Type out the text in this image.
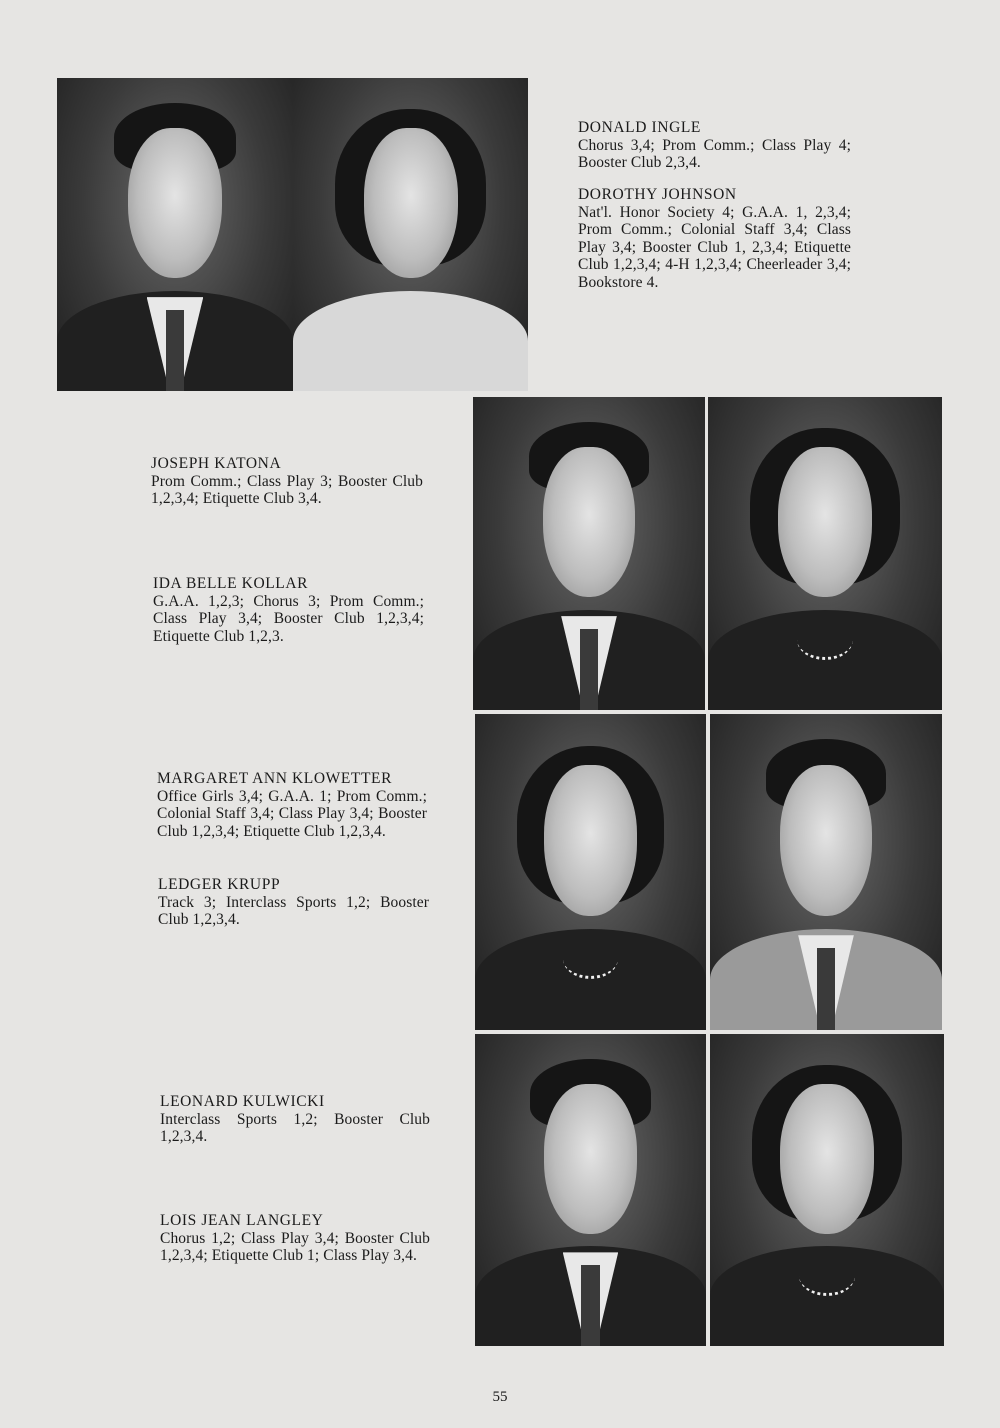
DONALD INGLE
Chorus 3,4; Prom Comm.; Class Play 4; Booster Club 2,3,4.
DOROTHY JOHNSON
Nat'l. Honor Society 4; G.A.A. 1, 2,3,4; Prom Comm.; Colonial Staff 3,4; Class Play 3,4; Booster Club 1, 2,3,4; Etiquette Club 1,2,3,4; 4-H 1,2,3,4; Cheerleader 3,4; Bookstore 4.
JOSEPH KATONA
Prom Comm.; Class Play 3; Booster Club 1,2,3,4; Etiquette Club 3,4.
IDA BELLE KOLLAR
G.A.A. 1,2,3; Chorus 3; Prom Comm.; Class Play 3,4; Booster Club 1,2,3,4; Etiquette Club 1,2,3.
MARGARET ANN KLOWETTER
Office Girls 3,4; G.A.A. 1; Prom Comm.; Colonial Staff 3,4; Class Play 3,4; Booster Club 1,2,3,4; Etiquette Club 1,2,3,4.
LEDGER KRUPP
Track 3; Interclass Sports 1,2; Booster Club 1,2,3,4.
LEONARD KULWICKI
Interclass Sports 1,2; Booster Club 1,2,3,4.
LOIS JEAN LANGLEY
Chorus 1,2; Class Play 3,4; Booster Club 1,2,3,4; Etiquette Club 1; Class Play 3,4.
55
